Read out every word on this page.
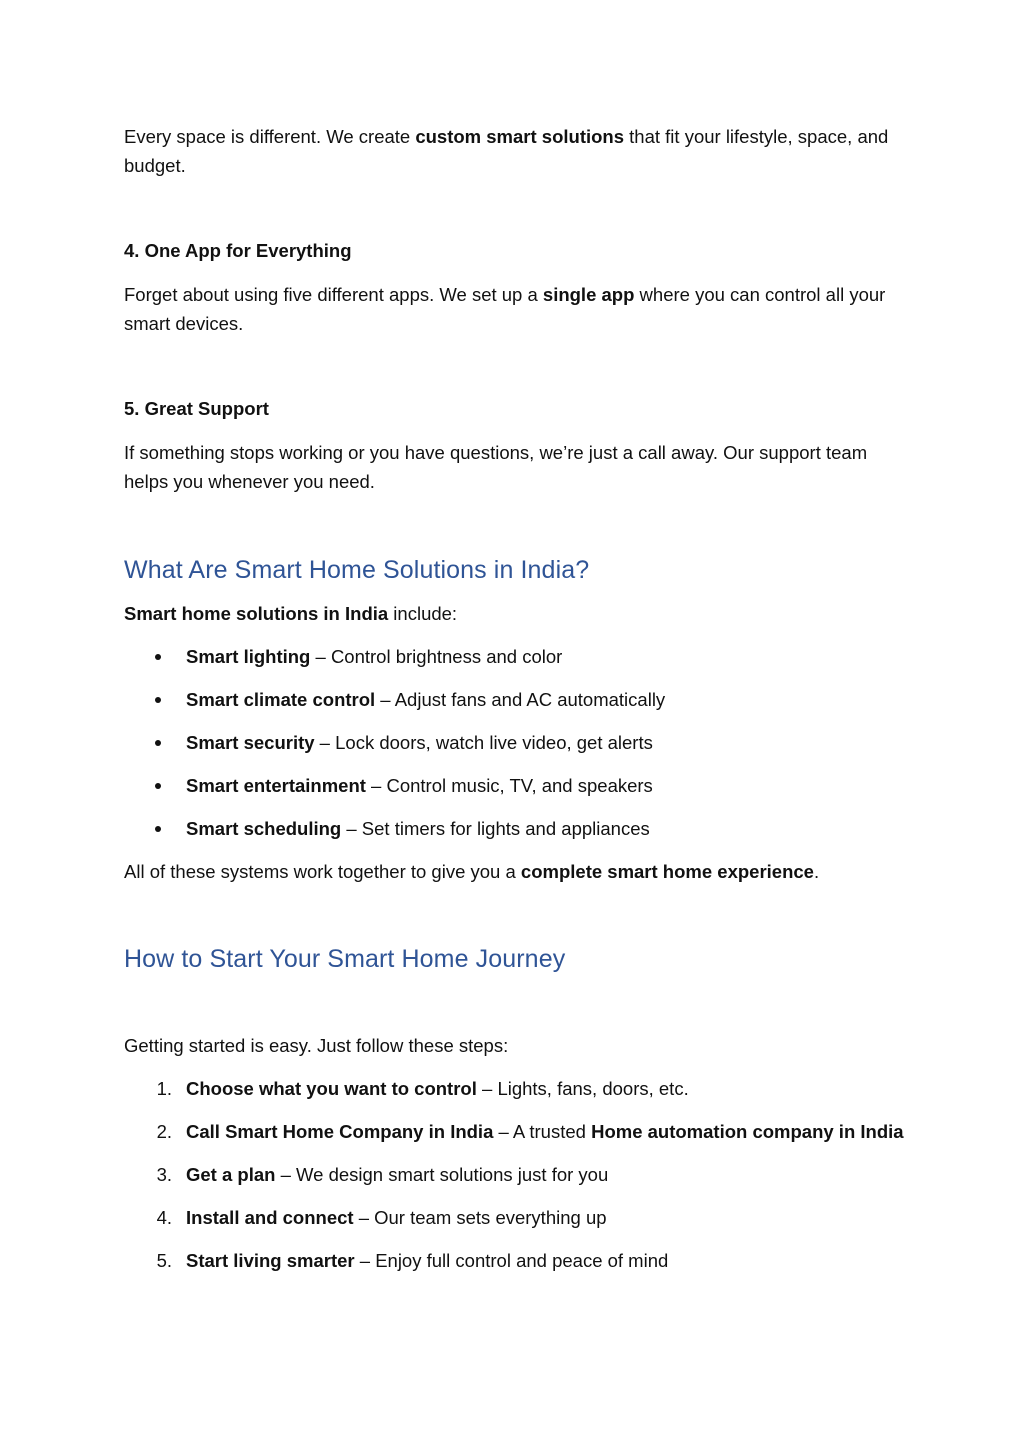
Every space is different. We create custom smart solutions that fit your lifestyle, space, and budget.

4. One App for Everything

Forget about using five different apps. We set up a single app where you can control all your smart devices.

5. Great Support

If something stops working or you have questions, we’re just a call away. Our support team helps you whenever you need.

What Are Smart Home Solutions in India?

Smart home solutions in India include:

Smart lighting – Control brightness and color
Smart climate control – Adjust fans and AC automatically
Smart security – Lock doors, watch live video, get alerts
Smart entertainment – Control music, TV, and speakers
Smart scheduling – Set timers for lights and appliances

All of these systems work together to give you a complete smart home experience.

How to Start Your Smart Home Journey

Getting started is easy. Just follow these steps:

1. Choose what you want to control – Lights, fans, doors, etc.
2. Call Smart Home Company in India – A trusted Home automation company in India
3. Get a plan – We design smart solutions just for you
4. Install and connect – Our team sets everything up
5. Start living smarter – Enjoy full control and peace of mind
